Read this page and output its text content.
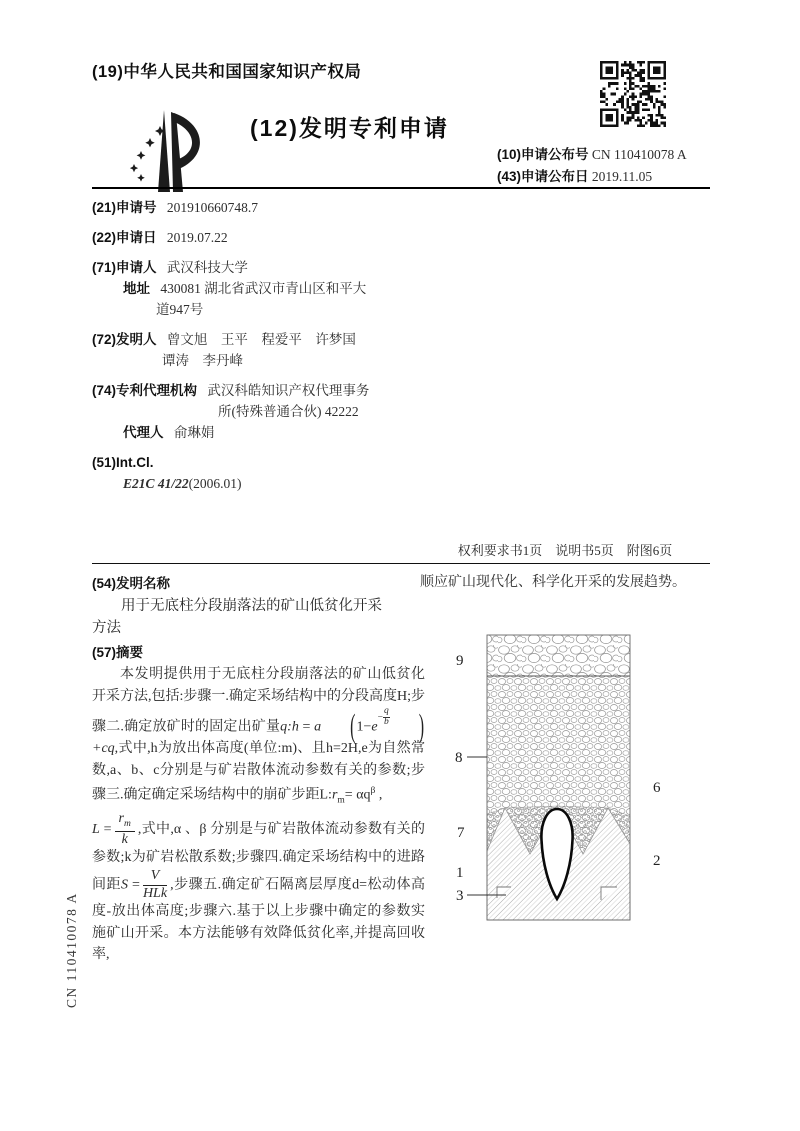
CN 110410078 A
(19)中华人民共和国国家知识产权局
(12)发明专利申请
(10)申请公布号 CN 110410078 A
(43)申请公布日 2019.11.05
(21)申请号 201910660748.7
(22)申请日 2019.07.22
(71)申请人 武汉科技大学
地址 430081 湖北省武汉市青山区和平大
道947号
(72)发明人 曾文旭　王平　程爱平　许梦国
谭涛　李丹峰
(74)专利代理机构 武汉科皓知识产权代理事务
所(特殊普通合伙) 42222
代理人 俞琳娟
(51)Int.Cl.
E21C 41/22(2006.01)
权利要求书1页　说明书5页　附图6页
(54)发明名称
用于无底柱分段崩落法的矿山低贫化开采
方法
(57)摘要

本发明提供用于无底柱分段崩落法的矿山低贫化开采方法,包括:步骤一.确定采场结构中的分段高度H;步骤二.确定放矿时的固定出矿量q:h = a $(1-e- \frac{q}{b} )+cq$,式中,h为放出体高度(单位:m)、且h=2H,e为自然常数,a、b、c分别是与矿岩散体流动参数有关的参数;步骤三.确定确定采场结构中的崩矿步距$L:r_m= \alpha q^\beta$ ,
$L = \frac{r_m}{k}$ ,式中,α 、β 分别是与矿岩散体流动参数有关的参数;k为矿岩松散系数;步骤四.确定采场结构中的进路间距$S = \frac{V}{\text{HLk}}$ ,步骤五.确定矿石隔离层厚度d=松动体高度-放出体高度;步骤六.基于以上步骤中确定的参数实施矿山开采。本方法能够有效降低贫化率,并提高回收率,

顺应矿山现代化、科学化开采的发展趋势。

9
8
7
1
3
6
2
